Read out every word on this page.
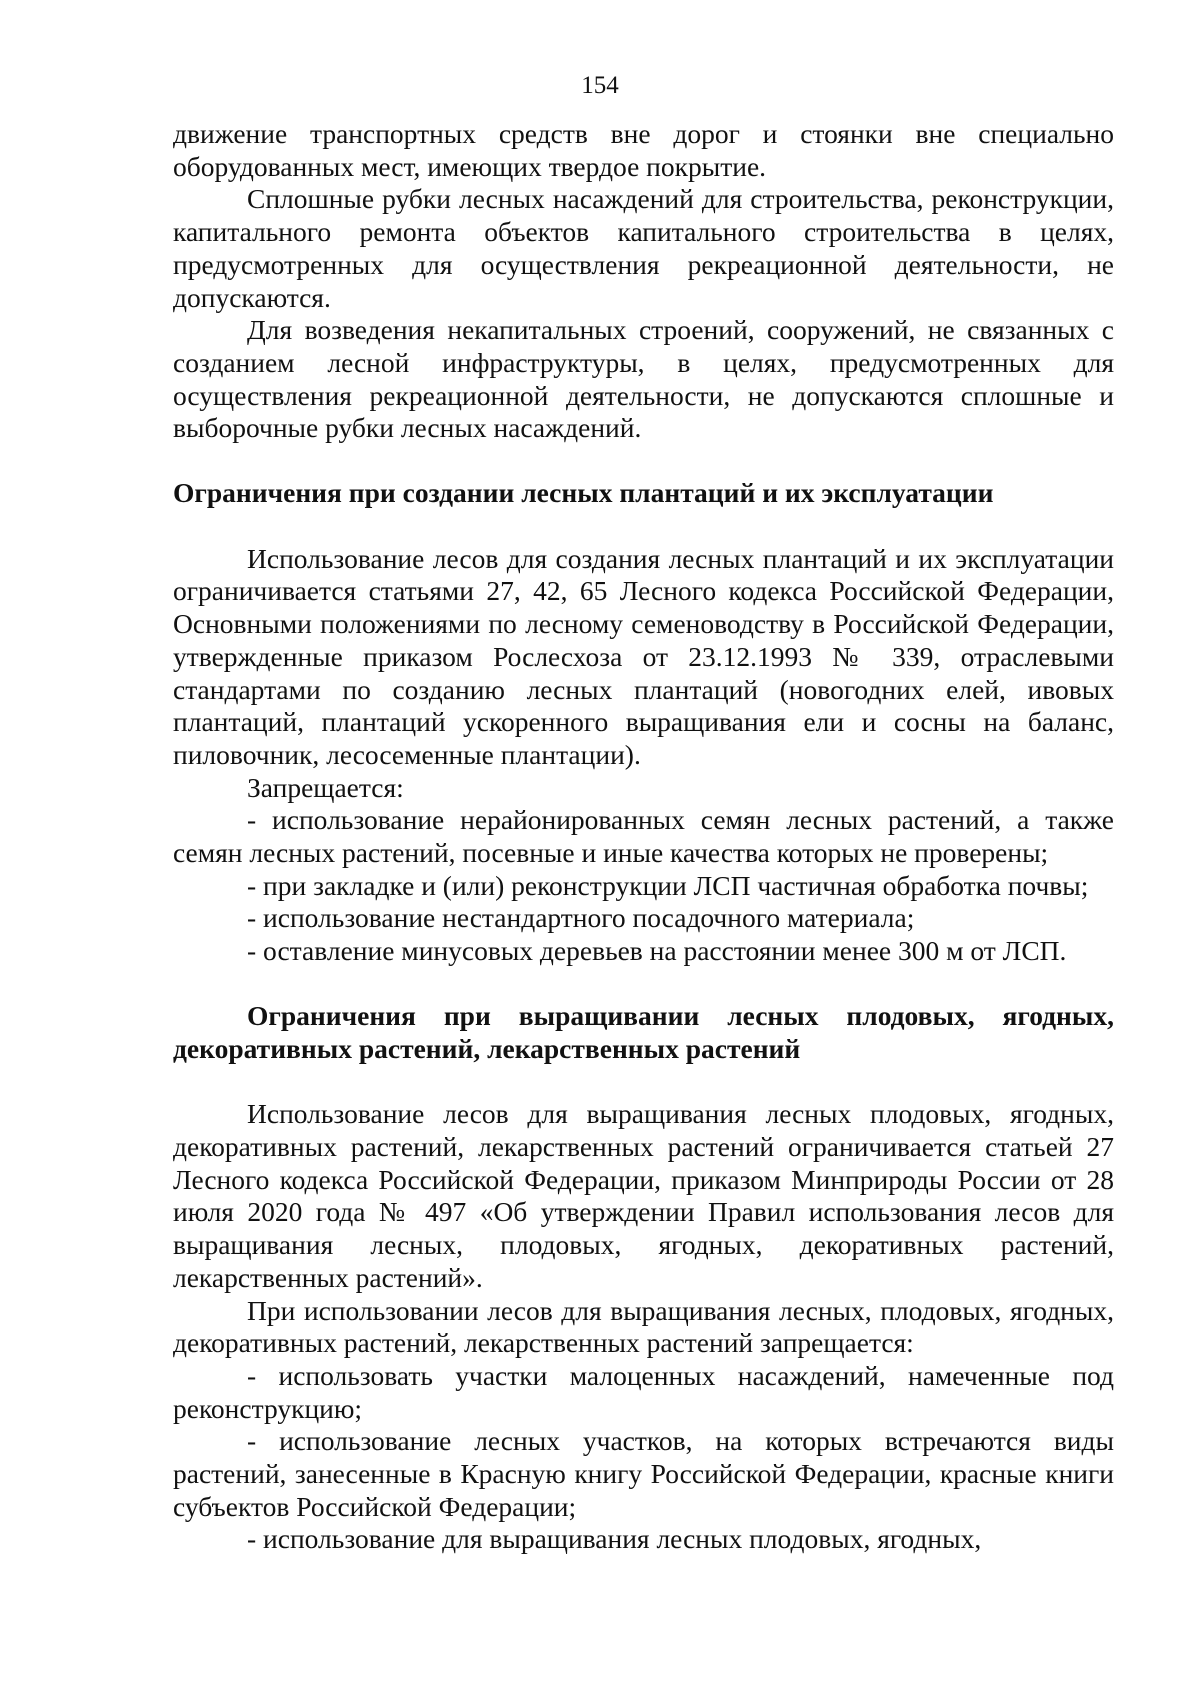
154

движение транспортных средств вне дорог и стоянки вне специально оборудованных мест, имеющих твердое покрытие.

Сплошные рубки лесных насаждений для строительства, реконструкции, капитального ремонта объектов капитального строительства в целях, предусмотренных для осуществления рекреационной деятельности, не допускаются.

Для возведения некапитальных строений, сооружений, не связанных с созданием лесной инфраструктуры, в целях, предусмотренных для осуществления рекреационной деятельности, не допускаются сплошные и выборочные рубки лесных насаждений.

Ограничения при создании лесных плантаций и их эксплуатации

Использование лесов для создания лесных плантаций и их эксплуатации ограничивается статьями 27, 42, 65 Лесного кодекса Российской Федерации, Основными положениями по лесному семеноводству в Российской Федерации, утвержденные приказом Рослесхоза от 23.12.1993 № 339, отраслевыми стандартами по созданию лесных плантаций (новогодних елей, ивовых плантаций, плантаций ускоренного выращивания ели и сосны на баланс, пиловочник, лесосеменные плантации).

Запрещается:

- использование нерайонированных семян лесных растений, а также семян лесных растений, посевные и иные качества которых не проверены;

- при закладке и (или) реконструкции ЛСП частичная обработка почвы;

- использование нестандартного посадочного материала;

- оставление минусовых деревьев на расстоянии менее 300 м от ЛСП.

Ограничения при выращивании лесных плодовых, ягодных, декоративных растений, лекарственных растений

Использование лесов для выращивания лесных плодовых, ягодных, декоративных растений, лекарственных растений ограничивается статьей 27 Лесного кодекса Российской Федерации, приказом Минприроды России от 28 июля 2020 года № 497 «Об утверждении Правил использования лесов для выращивания лесных, плодовых, ягодных, декоративных растений, лекарственных растений».

При использовании лесов для выращивания лесных, плодовых, ягодных, декоративных растений, лекарственных растений запрещается:

- использовать участки малоценных насаждений, намеченные под реконструкцию;

- использование лесных участков, на которых встречаются виды растений, занесенные в Красную книгу Российской Федерации, красные книги субъектов Российской Федерации;

- использование для выращивания лесных плодовых, ягодных,
